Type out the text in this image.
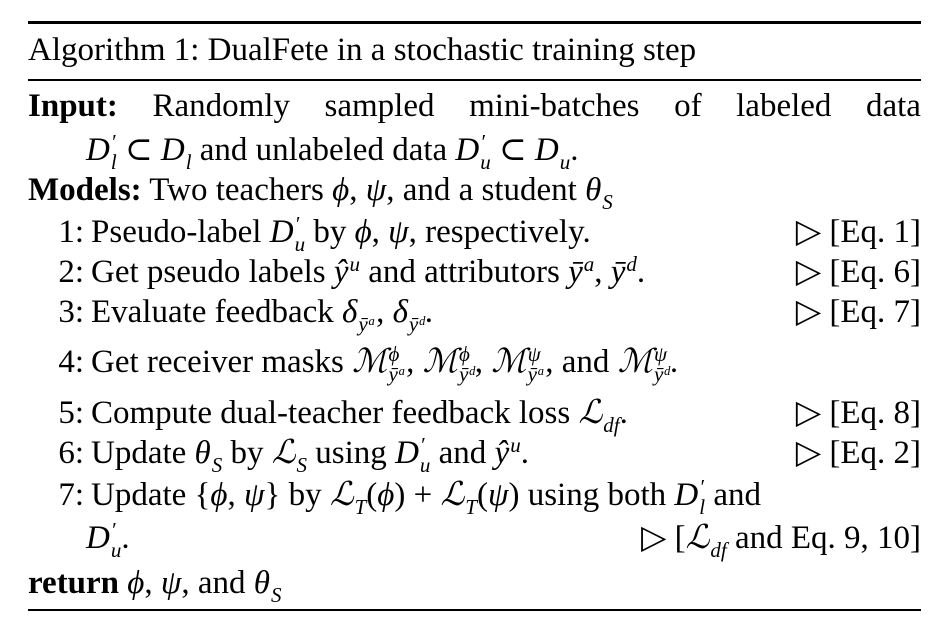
Algorithm 1: DualFete in a stochastic training step
Input: Randomly sampled mini-batches of labeled data
D ′
l ⊂ D l and unlabeled data D ′
u ⊂ D u .
Models: Two teachers ϕ, ψ, and a student θ S
1: Pseudo-label D ′
u by ϕ, ψ, respectively.	▷ [Eq. 1]
2: Get pseudo labels ŷ u and attributors ȳ a , ȳ d .	▷ [Eq. 6]
3: Evaluate feedback δ ȳᵃ , δ ȳᵈ .	▷ [Eq. 7]
4: Get receiver masks ℳ ϕ
ȳᵃ , ℳ ϕ
ȳᵈ , ℳ ψ
ȳᵃ , and ℳ ψ
ȳᵈ .
5: Compute dual-teacher feedback loss ℒ df .	▷ [Eq. 8]
6: Update θ S by ℒ S using D ′
u and ŷ u .	▷ [Eq. 2]
7: Update {ϕ, ψ} by ℒ T (ϕ) + ℒ T (ψ) using both D ′
l and
D ′
u .	▷ [ℒ df and Eq. 9, 10]
return ϕ, ψ, and θ S
